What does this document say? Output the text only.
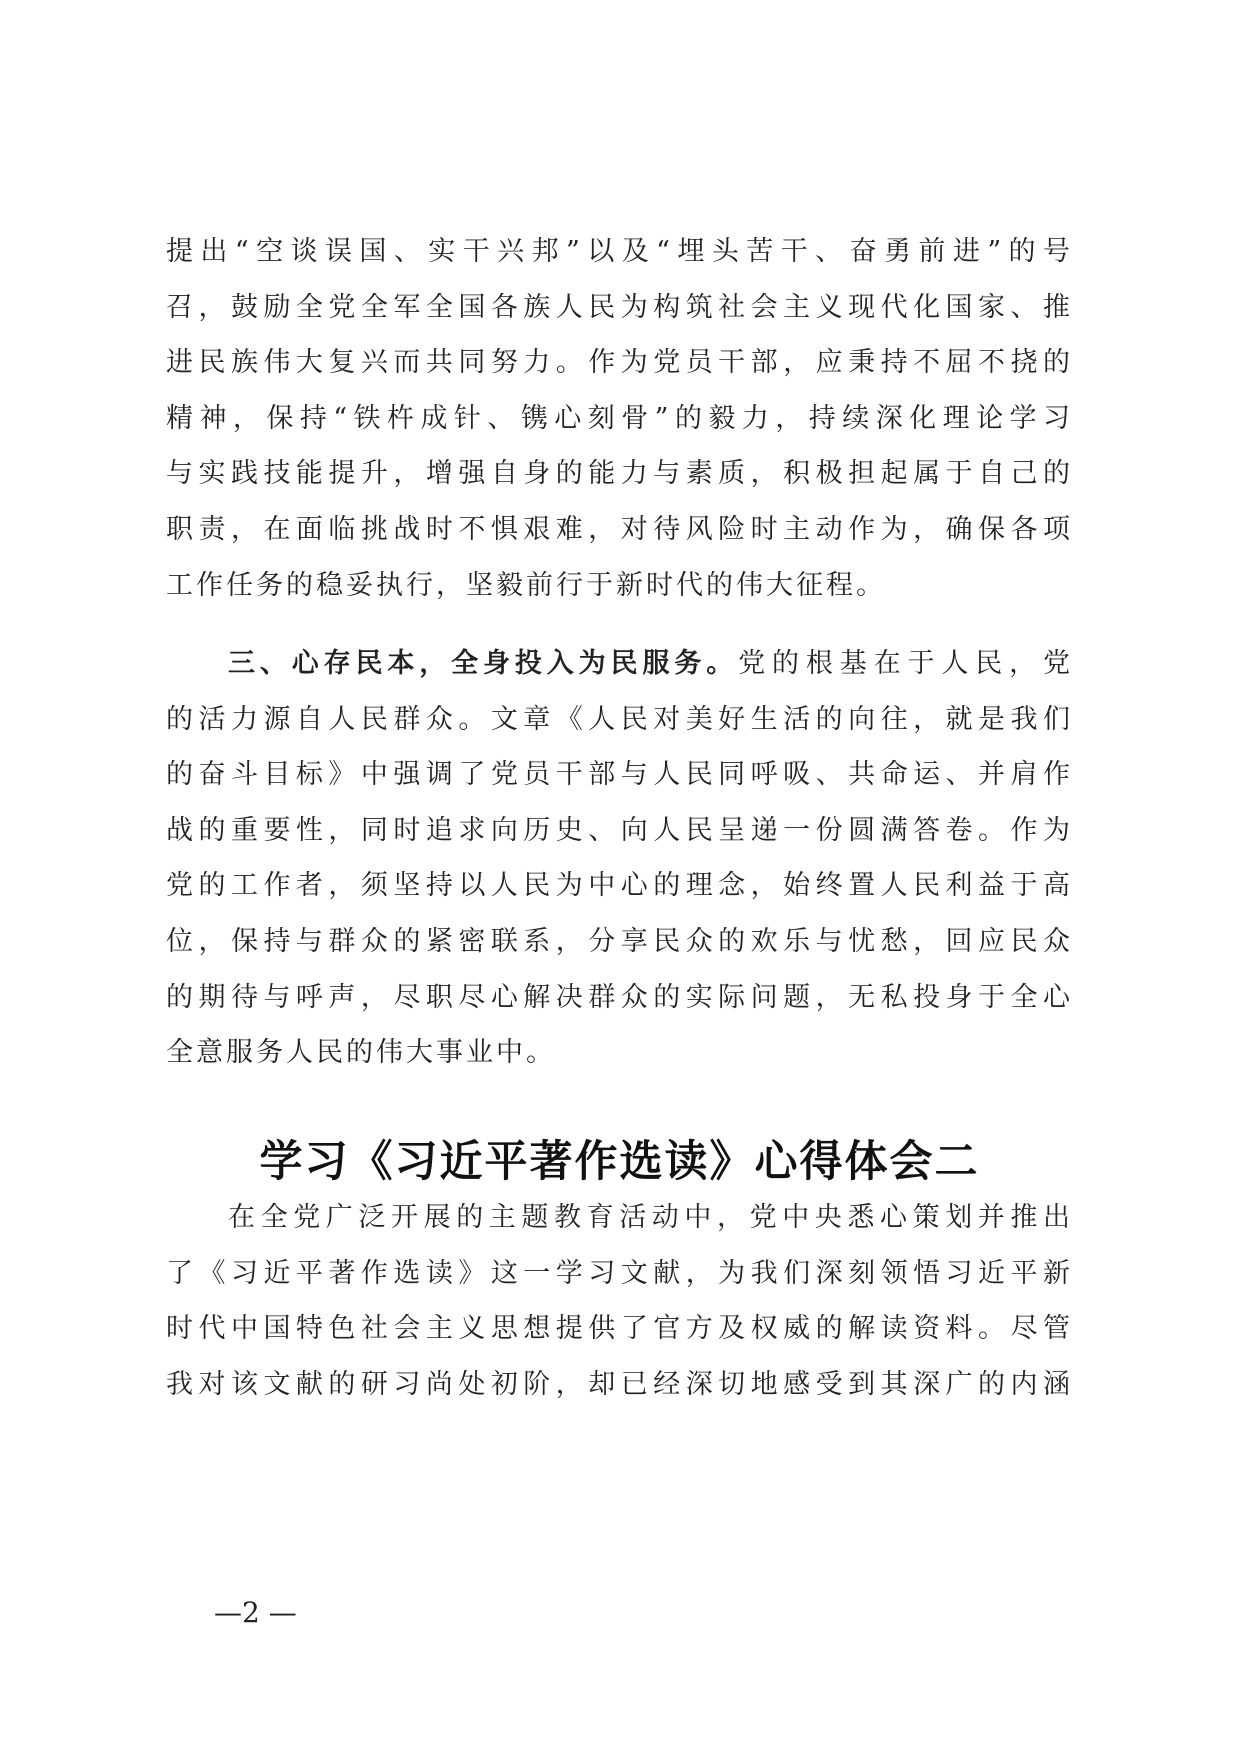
提出“空谈误国、实干兴邦”以及“埋头苦干、奋勇前进”的号
召，鼓励全党全军全国各族人民为构筑社会主义现代化国家、推
进民族伟大复兴而共同努力。作为党员干部，应秉持不屈不挠的
精神，保持“铁杵成针、镌心刻骨”的毅力，持续深化理论学习
与实践技能提升，增强自身的能力与素质，积极担起属于自己的
职责，在面临挑战时不惧艰难，对待风险时主动作为，确保各项
工作任务的稳妥执行，坚毅前行于新时代的伟大征程。
三、心存民本，全身投入为民服务。党的根基在于人民，党
的活力源自人民群众。文章《人民对美好生活的向往，就是我们
的奋斗目标》中强调了党员干部与人民同呼吸、共命运、并肩作
战的重要性，同时追求向历史、向人民呈递一份圆满答卷。作为
党的工作者，须坚持以人民为中心的理念，始终置人民利益于高
位，保持与群众的紧密联系，分享民众的欢乐与忧愁，回应民众
的期待与呼声，尽职尽心解决群众的实际问题，无私投身于全心
全意服务人民的伟大事业中。
学习《习近平著作选读》心得体会二
在全党广泛开展的主题教育活动中，党中央悉心策划并推出
了《习近平著作选读》这一学习文献，为我们深刻领悟习近平新
时代中国特色社会主义思想提供了官方及权威的解读资料。尽管
我对该文献的研习尚处初阶，却已经深切地感受到其深广的内涵
—2 —
